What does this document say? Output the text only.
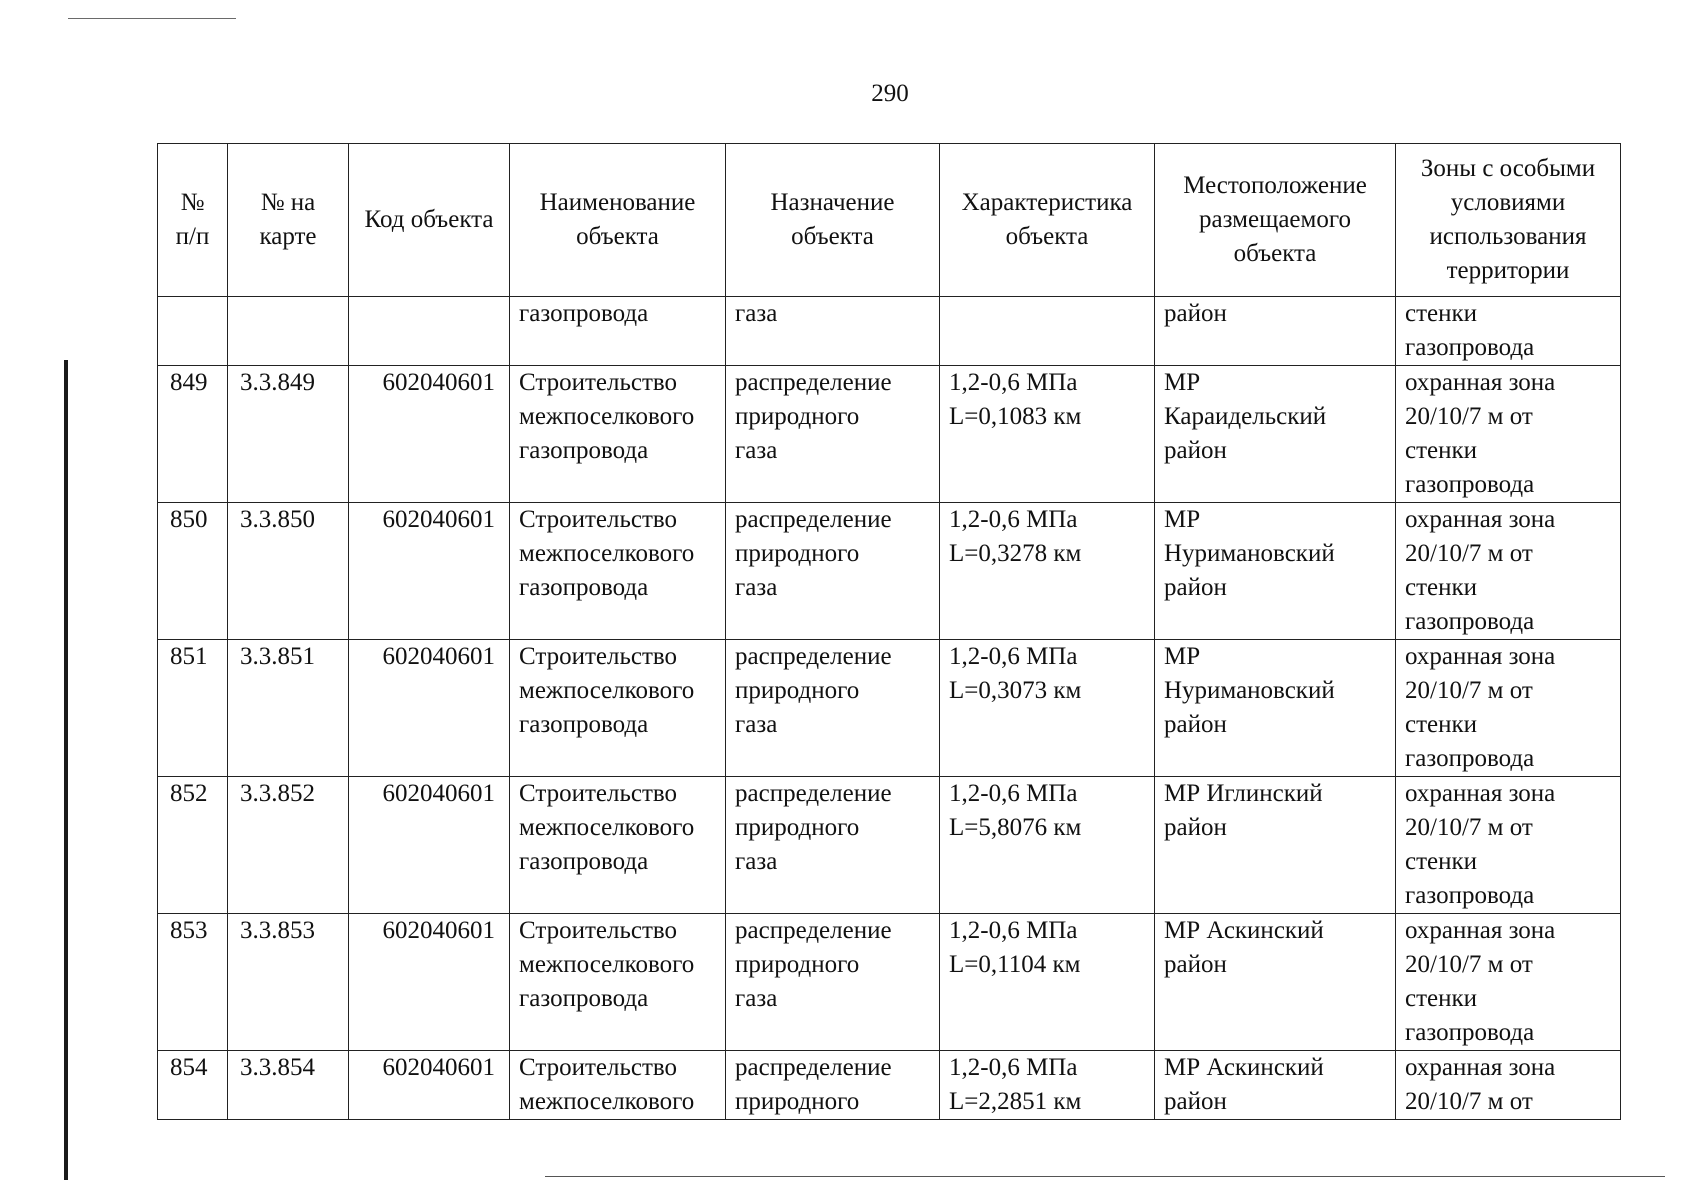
290
№
п/п	№ на
карте	Код объекта	Наименование
объекта	Назначение
объекта	Характеристика
объекта	Местоположение
размещаемого
объекта	Зоны с особыми
условиями
использования
территории
			газопровода	газа		район	стенки
газопровода
849	3.3.849	602040601	Строительство
межпоселкового
газопровода	распределение
природного
газа	1,2-0,6 МПа
L=0,1083 км	МР
Караидельский
район	охранная зона
20/10/7 м от
стенки
газопровода
850	3.3.850	602040601	Строительство
межпоселкового
газопровода	распределение
природного
газа	1,2-0,6 МПа
L=0,3278 км	МР
Нуримановский
район	охранная зона
20/10/7 м от
стенки
газопровода
851	3.3.851	602040601	Строительство
межпоселкового
газопровода	распределение
природного
газа	1,2-0,6 МПа
L=0,3073 км	МР
Нуримановский
район	охранная зона
20/10/7 м от
стенки
газопровода
852	3.3.852	602040601	Строительство
межпоселкового
газопровода	распределение
природного
газа	1,2-0,6 МПа
L=5,8076 км	МР Иглинский
район	охранная зона
20/10/7 м от
стенки
газопровода
853	3.3.853	602040601	Строительство
межпоселкового
газопровода	распределение
природного
газа	1,2-0,6 МПа
L=0,1104 км	МР Аскинский
район	охранная зона
20/10/7 м от
стенки
газопровода
854	3.3.854	602040601	Строительство
межпоселкового	распределение
природного	1,2-0,6 МПа
L=2,2851 км	МР Аскинский
район	охранная зона
20/10/7 м от
